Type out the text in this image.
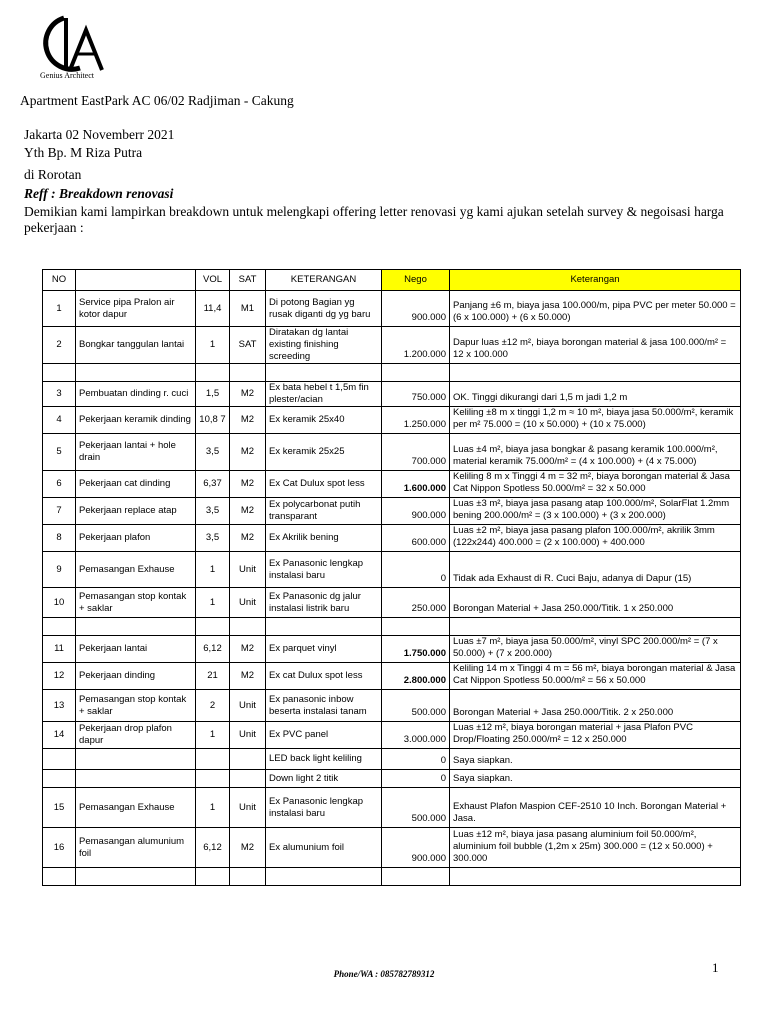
Genius Architect
Apartment EastPark AC 06/02 Radjiman - Cakung
Jakarta 02 Novemberr 2021
Yth Bp. M Riza Putra
di Rorotan
Reff : Breakdown renovasi
Demikian kami lampirkan breakdown untuk melengkapi offering letter renovasi yg kami ajukan setelah survey & negoisasi harga pekerjaan :
NO		VOL	SAT	KETERANGAN	Nego	Keterangan
1	Service pipa Pralon air kotor dapur	11,4	M1	Di potong Bagian yg rusak diganti dg yg baru	900.000	Panjang ±6 m, biaya jasa 100.000/m, pipa PVC per meter 50.000 = (6 x 100.000) + (6 x 50.000)
2	Bongkar tanggulan lantai	1	SAT	Diratakan dg lantai existing finishing screeding	1.200.000	Dapur luas ±12 m², biaya borongan material & jasa 100.000/m² = 12 x 100.000

3	Pembuatan dinding r. cuci	1,5	M2	Ex bata hebel t 1,5m fin plester/acian	750.000	OK. Tinggi dikurangi dari 1,5 m jadi 1,2 m
4	Pekerjaan keramik dinding	10,8 7	M2	Ex keramik 25x40	1.250.000	Keliling ±8 m x tinggi 1,2 m ≈ 10 m², biaya jasa 50.000/m², keramik per m² 75.000 = (10 x 50.000) + (10 x 75.000)
5	Pekerjaan lantai + hole drain	3,5	M2	Ex keramik 25x25	700.000	Luas ±4 m², biaya jasa bongkar & pasang keramik 100.000/m², material keramik 75.000/m² = (4 x 100.000) + (4 x 75.000)
6	Pekerjaan cat dinding	6,37	M2	Ex Cat Dulux spot less	1.600.000	Keliling 8 m x Tinggi 4 m = 32 m², biaya borongan material & Jasa Cat Nippon Spotless 50.000/m² = 32 x 50.000
7	Pekerjaan replace atap	3,5	M2	Ex polycarbonat putih transparant	900.000	Luas ±3 m², biaya jasa pasang atap 100.000/m², SolarFlat 1.2mm bening 200.000/m² = (3 x 100.000) + (3 x 200.000)
8	Pekerjaan plafon	3,5	M2	Ex Akrilik bening	600.000	Luas ±2 m², biaya jasa pasang plafon 100.000/m², akrilik 3mm (122x244) 400.000 = (2 x 100.000) + 400.000
9	Pemasangan Exhause	1	Unit	Ex Panasonic lengkap instalasi baru	0	Tidak ada Exhaust di R. Cuci Baju, adanya di Dapur (15)
10	Pemasangan stop kontak + saklar	1	Unit	Ex Panasonic dg jalur instalasi listrik baru	250.000	Borongan Material + Jasa 250.000/Titik. 1 x 250.000

11	Pekerjaan lantai	6,12	M2	Ex parquet vinyl	1.750.000	Luas ±7 m², biaya jasa 50.000/m², vinyl SPC 200.000/m² = (7 x 50.000) + (7 x 200.000)
12	Pekerjaan dinding	21	M2	Ex cat Dulux spot less	2.800.000	Keliling 14 m x Tinggi 4 m = 56 m², biaya borongan material & Jasa Cat Nippon Spotless 50.000/m² = 56 x 50.000
13	Pemasangan stop kontak + saklar	2	Unit	Ex panasonic inbow beserta instalasi tanam	500.000	Borongan Material + Jasa 250.000/Titik. 2 x 250.000
14	Pekerjaan drop plafon dapur	1	Unit	Ex PVC panel	3.000.000	Luas ±12 m², biaya borongan material + jasa Plafon PVC Drop/Floating 250.000/m² = 12 x 250.000
				LED back light keliling	0	Saya siapkan.
				Down light 2 titik	0	Saya siapkan.
15	Pemasangan Exhause	1	Unit	Ex Panasonic lengkap instalasi baru	500.000	Exhaust Plafon Maspion CEF-2510 10 Inch. Borongan Material + Jasa.
16	Pemasangan alumunium foil	6,12	M2	Ex alumunium foil	900.000	Luas ±12 m², biaya jasa pasang aluminium foil 50.000/m², aluminium foil bubble (1,2m x 25m) 300.000 = (12 x 50.000) + 300.000

1
Phone/WA : 085782789312
